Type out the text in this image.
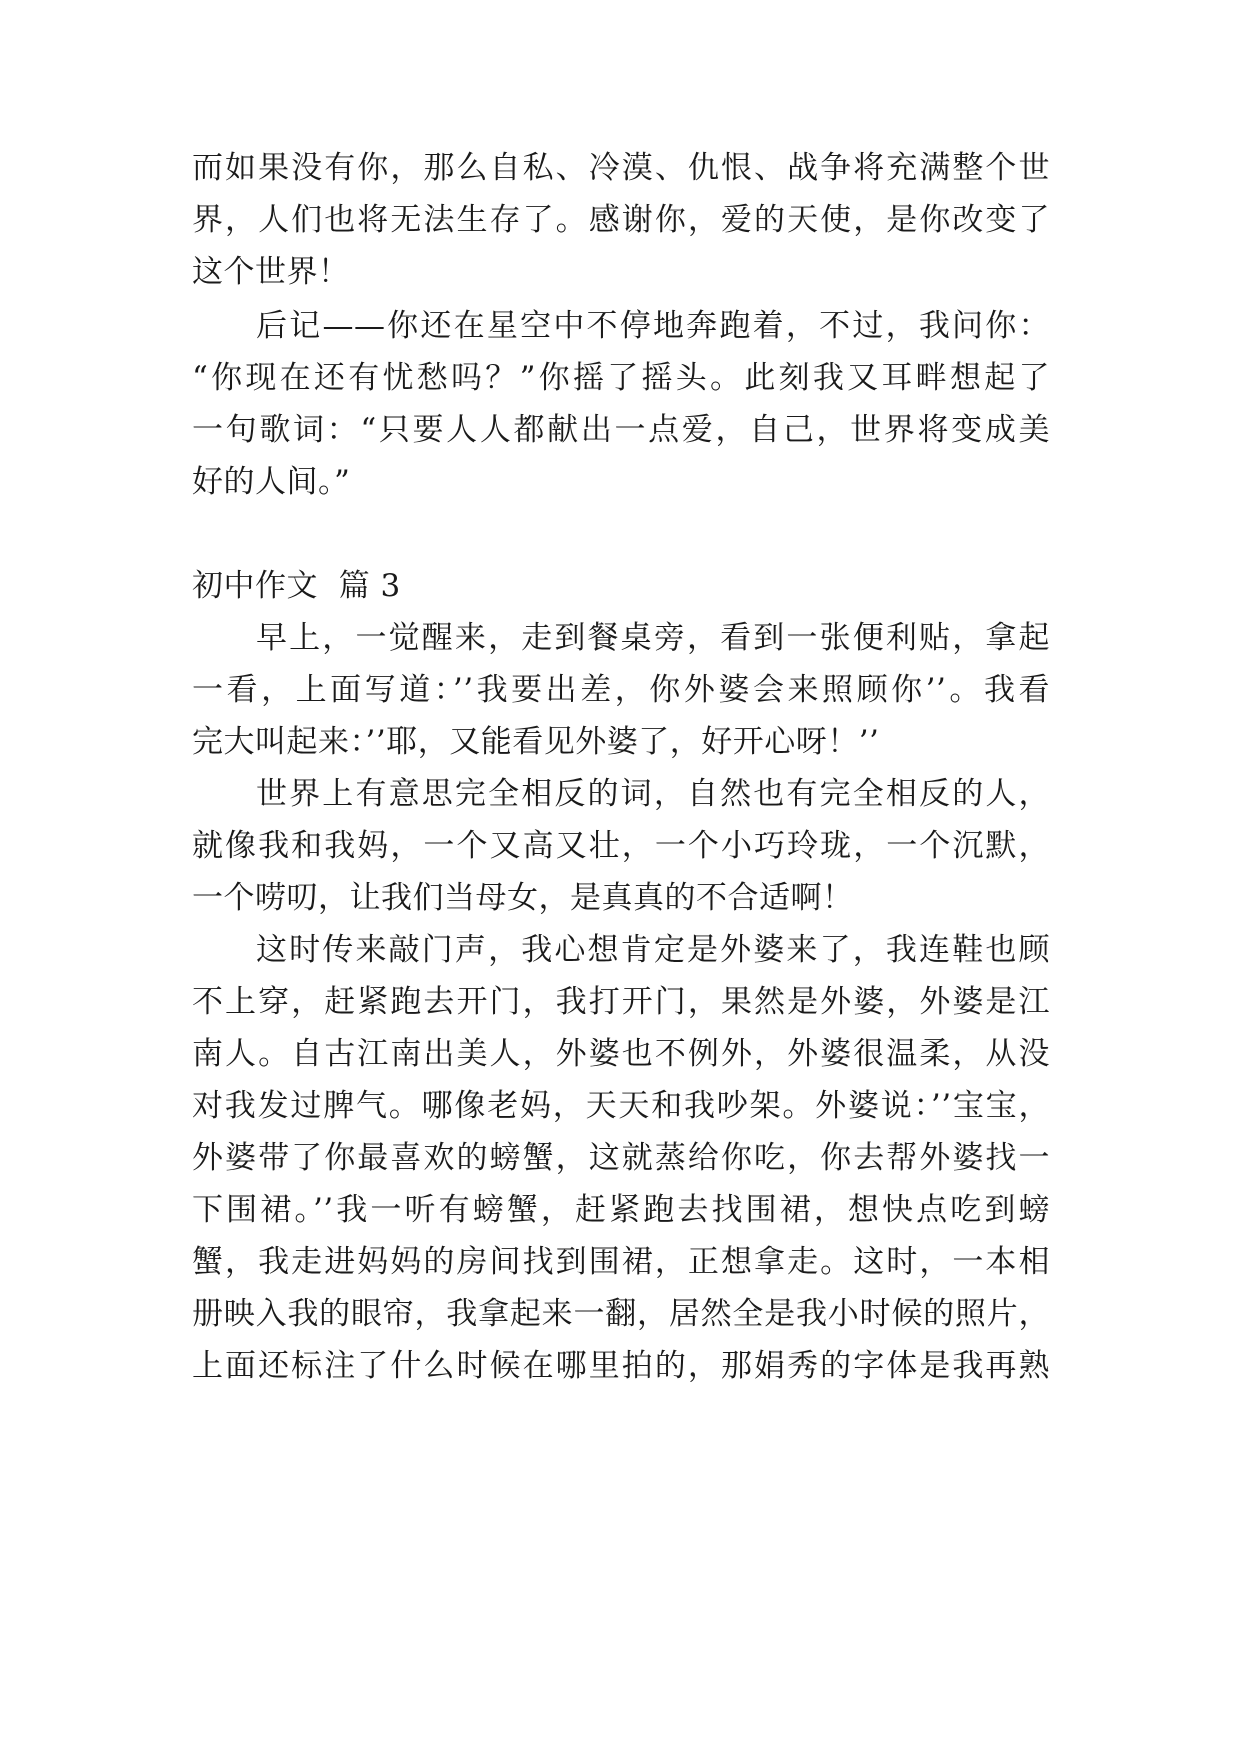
而如果没有你，那么自私、冷漠、仇恨、战争将充满整个世
界，人们也将无法生存了。感谢你，爱的天使，是你改变了
这个世界！
后记——你还在星空中不停地奔跑着，不过，我问你：
“你现在还有忧愁吗？”你摇了摇头。此刻我又耳畔想起了
一句歌词：“只要人人都献出一点爱，自己，世界将变成美
好的人间。”
初中作文  篇 3
早上，一觉醒来，走到餐桌旁，看到一张便利贴，拿起
一看，上面写道：’’我要出差，你外婆会来照顾你’’。我看
完大叫起来：’’耶，又能看见外婆了，好开心呀！’’
世界上有意思完全相反的词，自然也有完全相反的人，
就像我和我妈，一个又高又壮，一个小巧玲珑，一个沉默，
一个唠叨，让我们当母女，是真真的不合适啊！
这时传来敲门声，我心想肯定是外婆来了，我连鞋也顾
不上穿，赶紧跑去开门，我打开门，果然是外婆，外婆是江
南人。自古江南出美人，外婆也不例外，外婆很温柔，从没
对我发过脾气。哪像老妈，天天和我吵架。外婆说：’’宝宝，
外婆带了你最喜欢的螃蟹，这就蒸给你吃，你去帮外婆找一
下围裙。’’我一听有螃蟹，赶紧跑去找围裙，想快点吃到螃
蟹，我走进妈妈的房间找到围裙，正想拿走。这时，一本相
册映入我的眼帘，我拿起来一翻，居然全是我小时候的照片，
上面还标注了什么时候在哪里拍的，那娟秀的字体是我再熟
